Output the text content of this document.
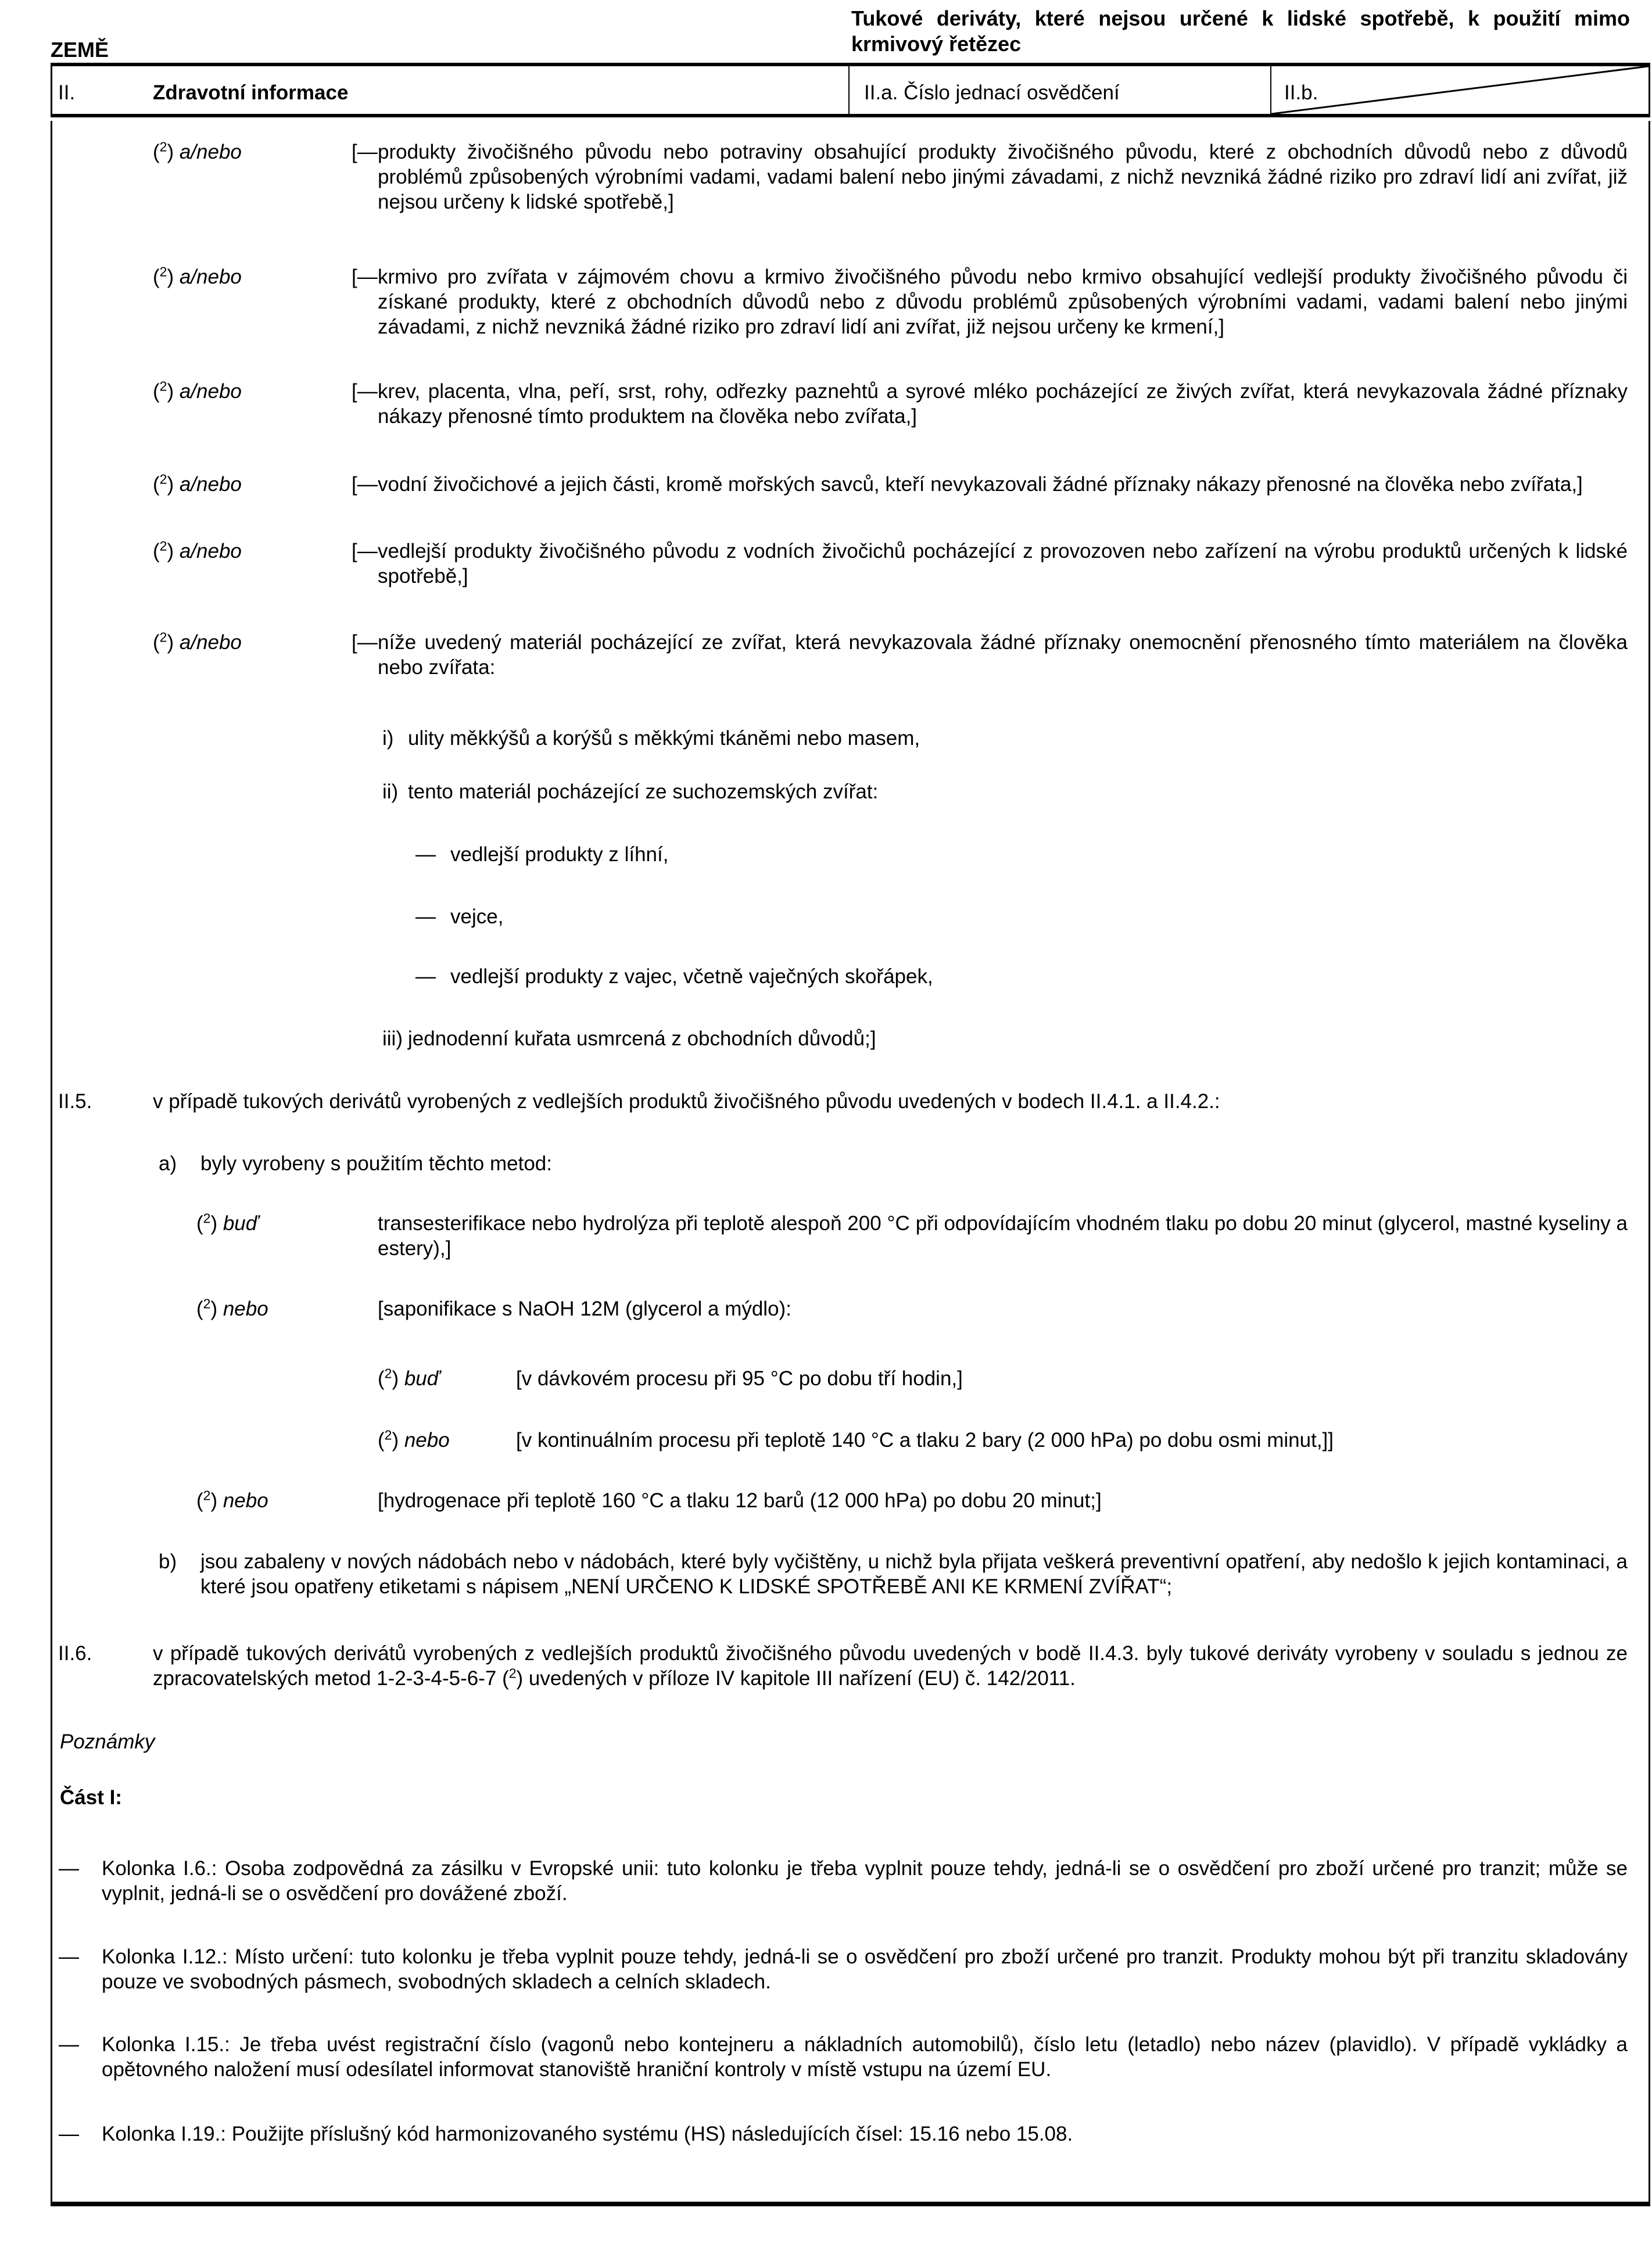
ZEMĚ
Tukové deriváty, které nejsou určené k lidské spotřebě, k použití mimo krmivový řetězec
II.	Zdravotní informace	II.a. Číslo jednací osvědčení	II.b.
($^2$) a/nebo	[—produkty živočišného původu nebo potraviny obsahující produkty živočišného původu, které z obchodních důvodů nebo z důvodů problémů způsobených výrobními vadami, vadami balení nebo jinými závadami, z nichž nevzniká žádné riziko pro zdraví lidí ani zvířat, již nejsou určeny k lidské spotřebě,]
($^2$) a/nebo	[—krmivo pro zvířata v zájmovém chovu a krmivo živočišného původu nebo krmivo obsahující vedlejší produkty živočišného původu či získané produkty, které z obchodních důvodů nebo z důvodu problémů způsobených výrobními vadami, vadami balení nebo jinými závadami, z nichž nevzniká žádné riziko pro zdraví lidí ani zvířat, již nejsou určeny ke krmení,]
($^2$) a/nebo	[—krev, placenta, vlna, peří, srst, rohy, odřezky paznehtů a syrové mléko pocházející ze živých zvířat, která nevykazovala žádné příznaky nákazy přenosné tímto produktem na člověka nebo zvířata,]
($^2$) a/nebo	[—vodní živočichové a jejich části, kromě mořských savců, kteří nevykazovali žádné příznaky nákazy přenosné na člověka nebo zvířata,]
($^2$) a/nebo	[—vedlejší produkty živočišného původu z vodních živočichů pocházející z provozoven nebo zařízení na výrobu produktů určených k lidské spotřebě,]
($^2$) a/nebo	[—níže uvedený materiál pocházející ze zvířat, která nevykazovala žádné příznaky onemocnění přenosného tímto materiálem na člověka nebo zvířata:
i) ulity měkkýšů a korýšů s měkkými tkáněmi nebo masem,
ii) tento materiál pocházející ze suchozemských zvířat:
— vedlejší produkty z líhní,
— vejce,
— vedlejší produkty z vajec, včetně vaječných skořápek,
iii) jednodenní kuřata usmrcená z obchodních důvodů;]
II.5.	v případě tukových derivátů vyrobených z vedlejších produktů živočišného původu uvedených v bodech II.4.1. a II.4.2.:
a)	byly vyrobeny s použitím těchto metod:
($^2$) buď	transesterifikace nebo hydrolýza při teplotě alespoň 200 °C při odpovídajícím vhodném tlaku po dobu 20 minut (glycerol, mastné kyseliny a estery),]
($^2$) nebo	[saponifikace s NaOH 12M (glycerol a mýdlo):
($^2$) buď	[v dávkovém procesu při 95 °C po dobu tří hodin,]
($^2$) nebo	[v kontinuálním procesu při teplotě 140 °C a tlaku 2 bary (2 000 hPa) po dobu osmi minut,]]
($^2$) nebo	[hydrogenace při teplotě 160 °C a tlaku 12 barů (12 000 hPa) po dobu 20 minut;]
b)	jsou zabaleny v nových nádobách nebo v nádobách, které byly vyčištěny, u nichž byla přijata veškerá preventivní opatření, aby nedošlo k jejich kontaminaci, a které jsou opatřeny etiketami s nápisem „NENÍ URČENO K LIDSKÉ SPOTŘEBĚ ANI KE KRMENÍ ZVÍŘAT“;
II.6.	v případě tukových derivátů vyrobených z vedlejších produktů živočišného původu uvedených v bodě II.4.3. byly tukové deriváty vyrobeny v souladu s jednou ze zpracovatelských metod 1-2-3-4-5-6-7 ($^2$) uvedených v příloze IV kapitole III nařízení (EU) č. 142/2011.
Poznámky
Část I:
—	Kolonka I.6.: Osoba zodpovědná za zásilku v Evropské unii: tuto kolonku je třeba vyplnit pouze tehdy, jedná-li se o osvědčení pro zboží určené pro tranzit; může se vyplnit, jedná-li se o osvědčení pro dovážené zboží.
—	Kolonka I.12.: Místo určení: tuto kolonku je třeba vyplnit pouze tehdy, jedná-li se o osvědčení pro zboží určené pro tranzit. Produkty mohou být při tranzitu skladovány pouze ve svobodných pásmech, svobodných skladech a celních skladech.
—	Kolonka I.15.: Je třeba uvést registrační číslo (vagonů nebo kontejneru a nákladních automobilů), číslo letu (letadlo) nebo název (plavidlo). V případě vykládky a opětovného naložení musí odesílatel informovat stanoviště hraniční kontroly v místě vstupu na území EU.
—	Kolonka I.19.: Použijte příslušný kód harmonizovaného systému (HS) následujících čísel: 15.16 nebo 15.08.
